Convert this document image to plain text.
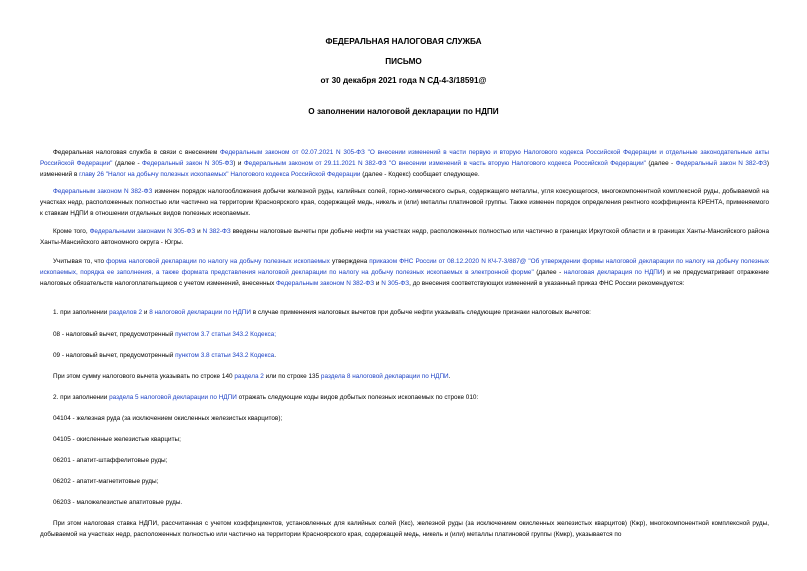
ФЕДЕРАЛЬНАЯ НАЛОГОВАЯ СЛУЖБА
ПИСЬМО
от 30 декабря 2021 года N СД-4-3/18591@
О заполнении налоговой декларации по НДПИ
Федеральная налоговая служба в связи с внесением Федеральным законом от 02.07.2021 N 305-ФЗ "О внесении изменений в части первую и вторую Налогового кодекса Российской Федерации и отдельные законодательные акты Российской Федерации" (далее - Федеральный закон N 305-ФЗ) и Федеральным законом от 29.11.2021 N 382-ФЗ "О внесении изменений в часть вторую Налогового кодекса Российской Федерации" (далее - Федеральный закон N 382-ФЗ) изменений в главу 26 "Налог на добычу полезных ископаемых" Налогового кодекса Российской Федерации (далее - Кодекс) сообщает следующее.
Федеральным законом N 382-ФЗ изменен порядок налогообложения добычи железной руды, калийных солей, горно-химического сырья, содержащего металлы, угля коксующегося, многокомпонентной комплексной руды, добываемой на участках недр, расположенных полностью или частично на территории Красноярского края, содержащей медь, никель и (или) металлы платиновой группы. Также изменен порядок определения рентного коэффициента КРЕНТА, применяемого к ставкам НДПИ в отношении отдельных видов полезных ископаемых.
Кроме того, Федеральными законами N 305-ФЗ и N 382-ФЗ введены налоговые вычеты при добыче нефти на участках недр, расположенных полностью или частично в границах Иркутской области и в границах Ханты-Мансийского района Ханты-Мансийского автономного округа - Югры.
Учитывая то, что форма налоговой декларации по налогу на добычу полезных ископаемых утверждена приказом ФНС России от 08.12.2020 N КЧ-7-3/887@ "Об утверждении формы налоговой декларации по налогу на добычу полезных ископаемых, порядка ее заполнения, а также формата представления налоговой декларации по налогу на добычу полезных ископаемых в электронной форме" (далее - налоговая декларация по НДПИ) и не предусматривает отражение налоговых обязательств налогоплательщиков с учетом изменений, внесенных Федеральным законом N 382-ФЗ и N 305-ФЗ, до внесения соответствующих изменений в указанный приказ ФНС России рекомендуется:
1. при заполнении разделов 2 и 8 налоговой декларации по НДПИ в случае применения налоговых вычетов при добыче нефти указывать следующие признаки налоговых вычетов:
08 - налоговый вычет, предусмотренный пунктом 3.7 статьи 343.2 Кодекса;
09 - налоговый вычет, предусмотренный пунктом 3.8 статьи 343.2 Кодекса.
При этом сумму налогового вычета указывать по строке 140 раздела 2 или по строке 135 раздела 8 налоговой декларации по НДПИ.
2. при заполнении раздела 5 налоговой декларации по НДПИ отражать следующие коды видов добытых полезных ископаемых по строке 010:
04104 - железная руда (за исключением окисленных железистых кварцитов);
04105 - окисленные железистые кварциты;
06201 - апатит-штаффелитовые руды;
06202 - апатит-магнетитовые руды;
06203 - маложелезистые апатитовые руды.
При этом налоговая ставка НДПИ, рассчитанная с учетом коэффициентов, установленных для калийных солей (Ккс), железной руды (за исключением окисленных железистых кварцитов) (Кжр), многокомпонентной комплексной руды, добываемой на участках недр, расположенных полностью или частично на территории Красноярского края, содержащей медь, никель и (или) металлы платиновой группы (Кмкр), указывается по
